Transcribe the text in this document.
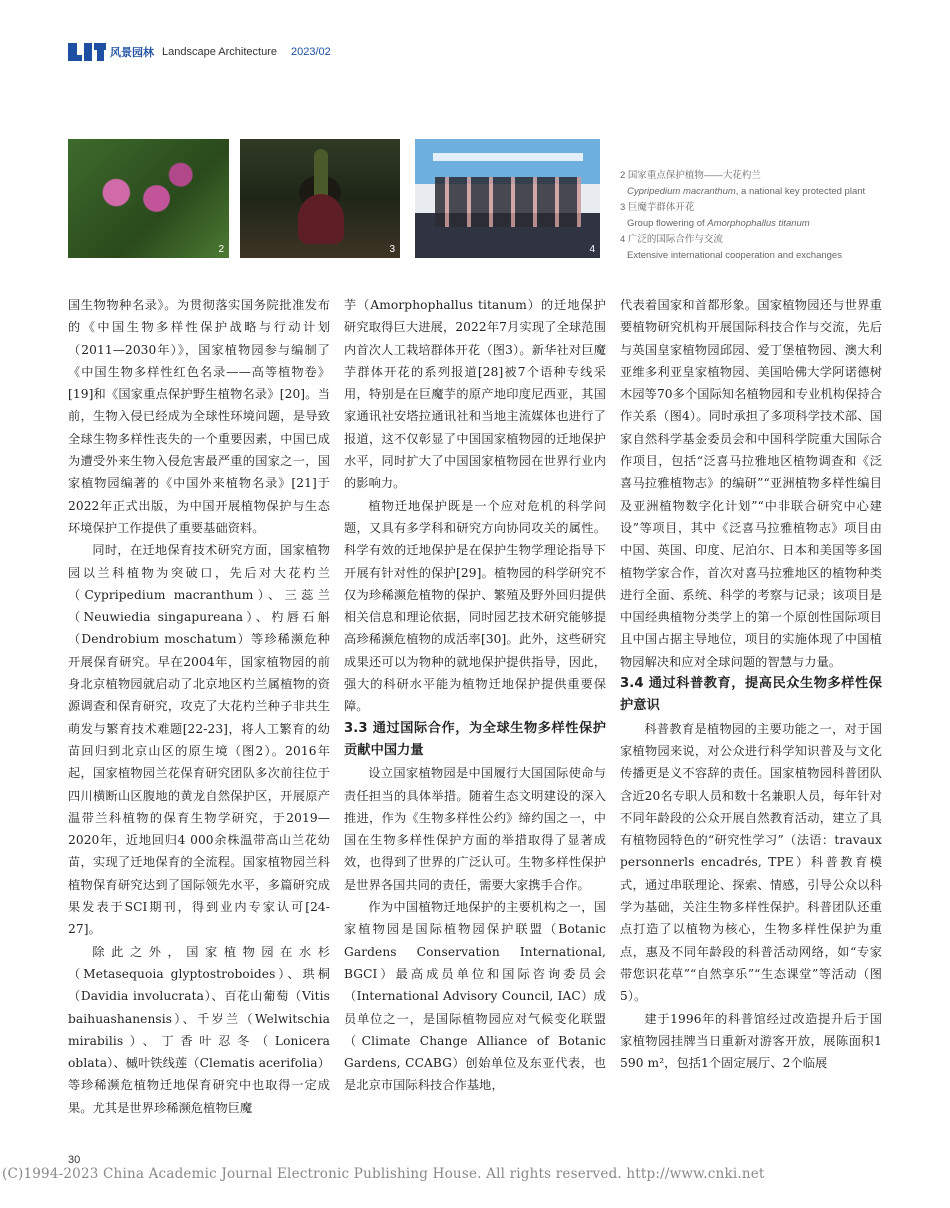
风景园林 Landscape Architecture 2023/02
2	3	4
2 国家重点保护植物——大花杓兰
Cypripedium macranthum, a national key protected plant
3 巨魔芋群体开花
Group flowering of Amorphophallus titanum
4 广泛的国际合作与交流
Extensive international cooperation and exchanges

国生物物种名录》。为贯彻落实国务院批准发布的《中国生物多样性保护战略与行动计划（2011—2030年）》，国家植物园参与编制了《中国生物多样性红色名录——高等植物卷》[19]和《国家重点保护野生植物名录》[20]。当前，生物入侵已经成为全球性环境问题，是导致全球生物多样性丧失的一个重要因素，中国已成为遭受外来生物入侵危害最严重的国家之一，国家植物园编著的《中国外来植物名录》[21]于2022年正式出版，为中国开展植物保护与生态环境保护工作提供了重要基础资料。

同时，在迁地保育技术研究方面，国家植物园以兰科植物为突破口，先后对大花杓兰（Cypripedium macranthum）、三蕊兰（Neuwiedia singapureana）、杓唇石斛（Dendrobium moschatum）等珍稀濒危种开展保育研究。早在2004年，国家植物园的前身北京植物园就启动了北京地区杓兰属植物的资源调查和保育研究，攻克了大花杓兰种子非共生萌发与繁育技术难题[22-23]，将人工繁育的幼苗回归到北京山区的原生境（图2）。2016年起，国家植物园兰花保育研究团队多次前往位于四川横断山区腹地的黄龙自然保护区，开展原产温带兰科植物的保育生物学研究，于2019—2020年，近地回归4 000余株温带高山兰花幼苗，实现了迁地保育的全流程。国家植物园兰科植物保育研究达到了国际领先水平，多篇研究成果发表于SCI期刊，得到业内专家认可[24-27]。

除此之外，国家植物园在水杉（Metasequoia glyptostroboides）、珙桐（Davidia involucrata）、百花山葡萄（Vitis baihuashanensis）、千岁兰（Welwitschia mirabilis）、丁香叶忍冬（Lonicera oblata）、槭叶铁线莲（Clematis acerifolia）等珍稀濒危植物迁地保育研究中也取得一定成果。尤其是世界珍稀濒危植物巨魔

芋（Amorphophallus titanum）的迁地保护研究取得巨大进展，2022年7月实现了全球范围内首次人工栽培群体开花（图3）。新华社对巨魔芋群体开花的系列报道[28]被7个语种专线采用，特别是在巨魔芋的原产地印度尼西亚，其国家通讯社安塔拉通讯社和当地主流媒体也进行了报道，这不仅彰显了中国国家植物园的迁地保护水平，同时扩大了中国国家植物园在世界行业内的影响力。

植物迁地保护既是一个应对危机的科学问题，又具有多学科和研究方向协同攻关的属性。科学有效的迁地保护是在保护生物学理论指导下开展有针对性的保护[29]。植物园的科学研究不仅为珍稀濒危植物的保护、繁殖及野外回归提供相关信息和理论依据，同时园艺技术研究能够提高珍稀濒危植物的成活率[30]。此外，这些研究成果还可以为物种的就地保护提供指导，因此，强大的科研水平能为植物迁地保护提供重要保障。

3.3 通过国际合作，为全球生物多样性保护贡献中国力量

设立国家植物园是中国履行大国国际使命与责任担当的具体举措。随着生态文明建设的深入推进，作为《生物多样性公约》缔约国之一，中国在生物多样性保护方面的举措取得了显著成效，也得到了世界的广泛认可。生物多样性保护是世界各国共同的责任，需要大家携手合作。

作为中国植物迁地保护的主要机构之一，国家植物园是国际植物园保护联盟（Botanic Gardens Conservation International, BGCI）最高成员单位和国际咨询委员会（International Advisory Council, IAC）成员单位之一，是国际植物园应对气候变化联盟（Climate Change Alliance of Botanic Gardens, CCABG）创始单位及东亚代表，也是北京市国际科技合作基地，

代表着国家和首都形象。国家植物园还与世界重要植物研究机构开展国际科技合作与交流，先后与英国皇家植物园邱园、爱丁堡植物园、澳大利亚维多利亚皇家植物园、美国哈佛大学阿诺德树木园等70多个国际知名植物园和专业机构保持合作关系（图4）。同时承担了多项科学技术部、国家自然科学基金委员会和中国科学院重大国际合作项目，包括“泛喜马拉雅地区植物调查和《泛喜马拉雅植物志》的编研”“亚洲植物多样性编目及亚洲植物数字化计划”“中非联合研究中心建设”等项目，其中《泛喜马拉雅植物志》项目由中国、英国、印度、尼泊尔、日本和美国等多国植物学家合作，首次对喜马拉雅地区的植物种类进行全面、系统、科学的考察与记录；该项目是中国经典植物分类学上的第一个原创性国际项目且中国占据主导地位，项目的实施体现了中国植物园解决和应对全球问题的智慧与力量。

3.4 通过科普教育，提高民众生物多样性保护意识

科普教育是植物园的主要功能之一，对于国家植物园来说，对公众进行科学知识普及与文化传播更是义不容辞的责任。国家植物园科普团队含近20名专职人员和数十名兼职人员，每年针对不同年龄段的公众开展自然教育活动，建立了具有植物园特色的“研究性学习”（法语：travaux personnerls encadrés, TPE）科普教育模式，通过串联理论、探索、情感，引导公众以科学为基础，关注生物多样性保护。科普团队还重点打造了以植物为核心，生物多样性保护为重点，惠及不同年龄段的科普活动网络，如“专家带您识花草”“自然享乐”“生态课堂”等活动（图5）。

建于1996年的科普馆经过改造提升后于国家植物园挂牌当日重新对游客开放，展陈面积1 590 m²，包括1个固定展厅、2个临展

30
(C)1994-2023 China Academic Journal Electronic Publishing House. All rights reserved. http://www.cnki.net
